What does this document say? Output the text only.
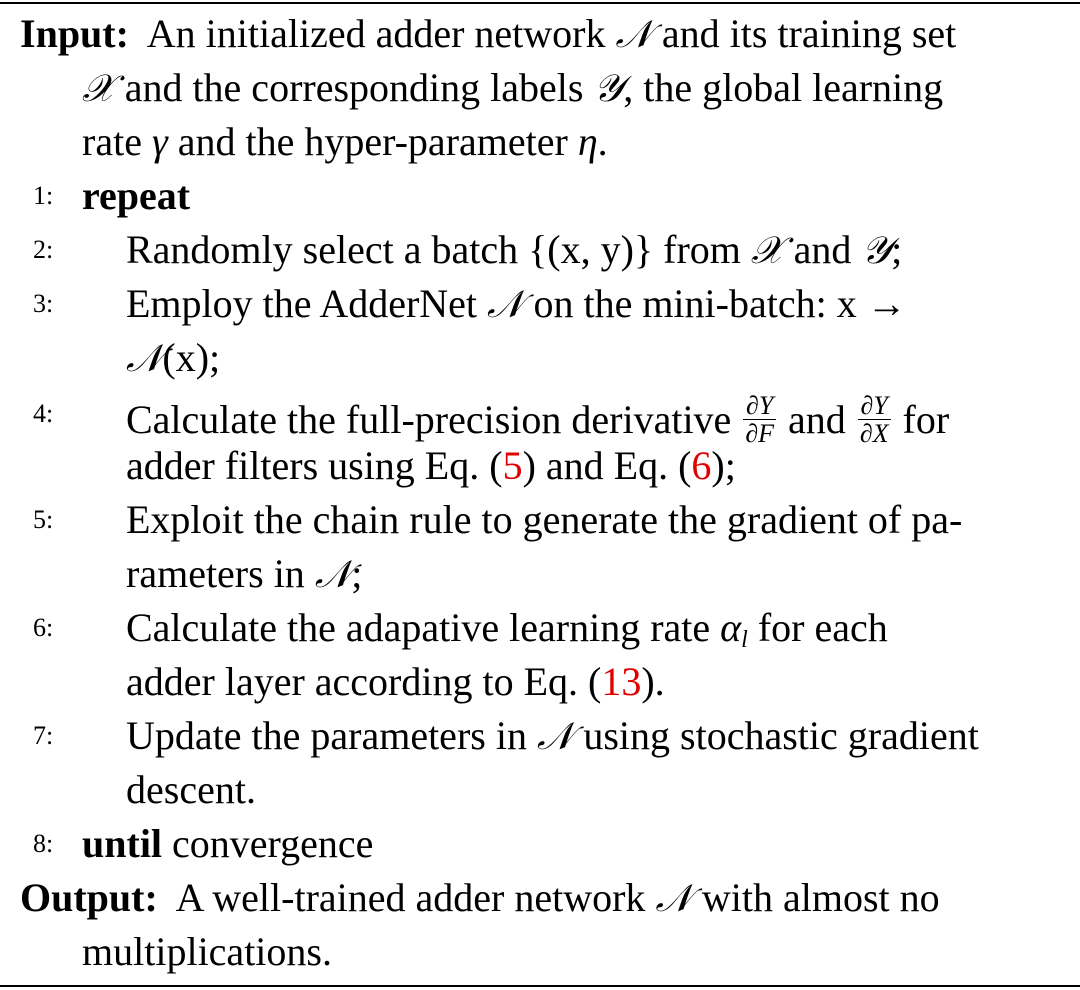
Input: An initialized adder network 𝒩 and its training set
𝒳 and the corresponding labels 𝒴, the global learning
rate γ and the hyper-parameter η.
1: repeat
2: Randomly select a batch {(x, y)} from 𝒳 and 𝒴;
3: Employ the AdderNet 𝒩 on the mini-batch: x →
𝒩(x);
4: Calculate the full-precision derivative $\frac{\partial Y}{\partial F}$ and $\frac{\partial Y}{\partial X}$ for
adder filters using Eq. (5) and Eq. (6);
5: Exploit the chain rule to generate the gradient of pa-
rameters in 𝒩;
6: Calculate the adapative learning rate $\alpha_l$ for each
adder layer according to Eq. (13).
7: Update the parameters in 𝒩 using stochastic gradient
descent.
8: until convergence
Output: A well-trained adder network 𝒩 with almost no
multiplications.
